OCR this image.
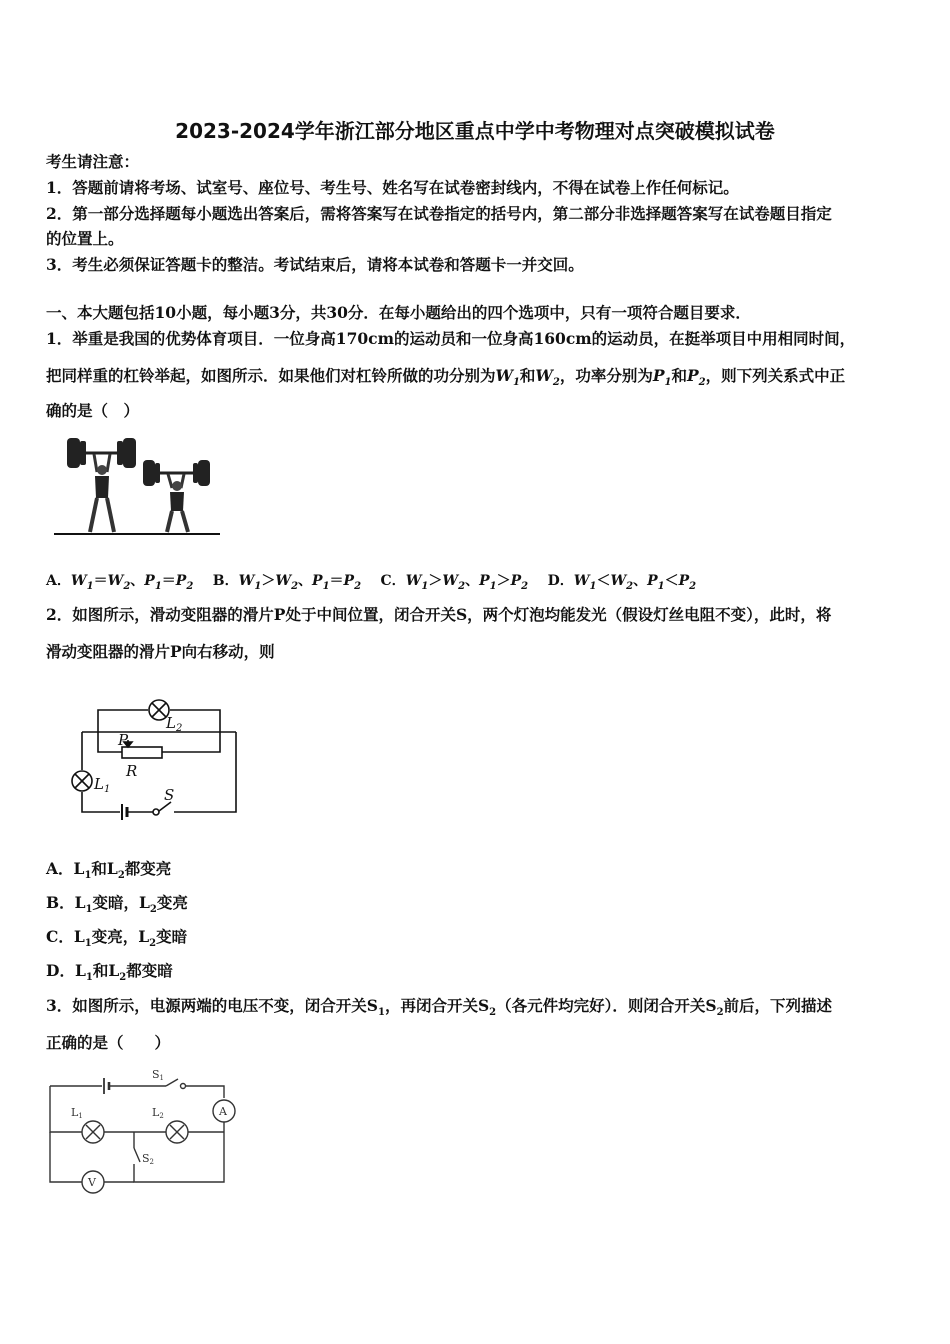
2023-2024学年浙江部分地区重点中学中考物理对点突破模拟试卷
考生请注意：
1．答题前请将考场、试室号、座位号、考生号、姓名写在试卷密封线内，不得在试卷上作任何标记。
2．第一部分选择题每小题选出答案后，需将答案写在试卷指定的括号内，第二部分非选择题答案写在试卷题目指定
的位置上。
3．考生必须保证答题卡的整洁。考试结束后，请将本试卷和答题卡一并交回。
一、本大题包括10小题，每小题3分，共30分．在每小题给出的四个选项中，只有一项符合题目要求．
1．举重是我国的优势体育项目．一位身高170cm的运动员和一位身高160cm的运动员，在挺举项目中用相同时间，
把同样重的杠铃举起，如图所示．如果他们对杠铃所做的功分别为$W_1$和$W_2$，功率分别为$P_1$和$P_2$，则下列关系式中正
确的是（　）
A．$W_1=W_2$、$P_1=P_2$ B．$W_1>W_2$、$P_1=P_2$ C．$W_1>W_2$、$P_1>P_2$ D．$W_1<W_2$、$P_1<P_2$
2．如图所示，滑动变阻器的滑片P处于中间位置，闭合开关S，两个灯泡均能发光（假设灯丝电阻不变），此时，将
滑动变阻器的滑片P向右移动，则
$L_2$
P
R
$L_1$	S
A．$L_1$和$L_2$都变亮
B．$L_1$变暗，$L_2$变亮
C．$L_1$变亮，$L_2$变暗
D．$L_1$和$L_2$都变暗
3．如图所示，电源两端的电压不变，闭合开关$S_1$，再闭合开关$S_2$（各元件均完好）．则闭合开关$S_2$前后，下列描述
正确的是（　　）
S1
L1	L2
S2
A
V
